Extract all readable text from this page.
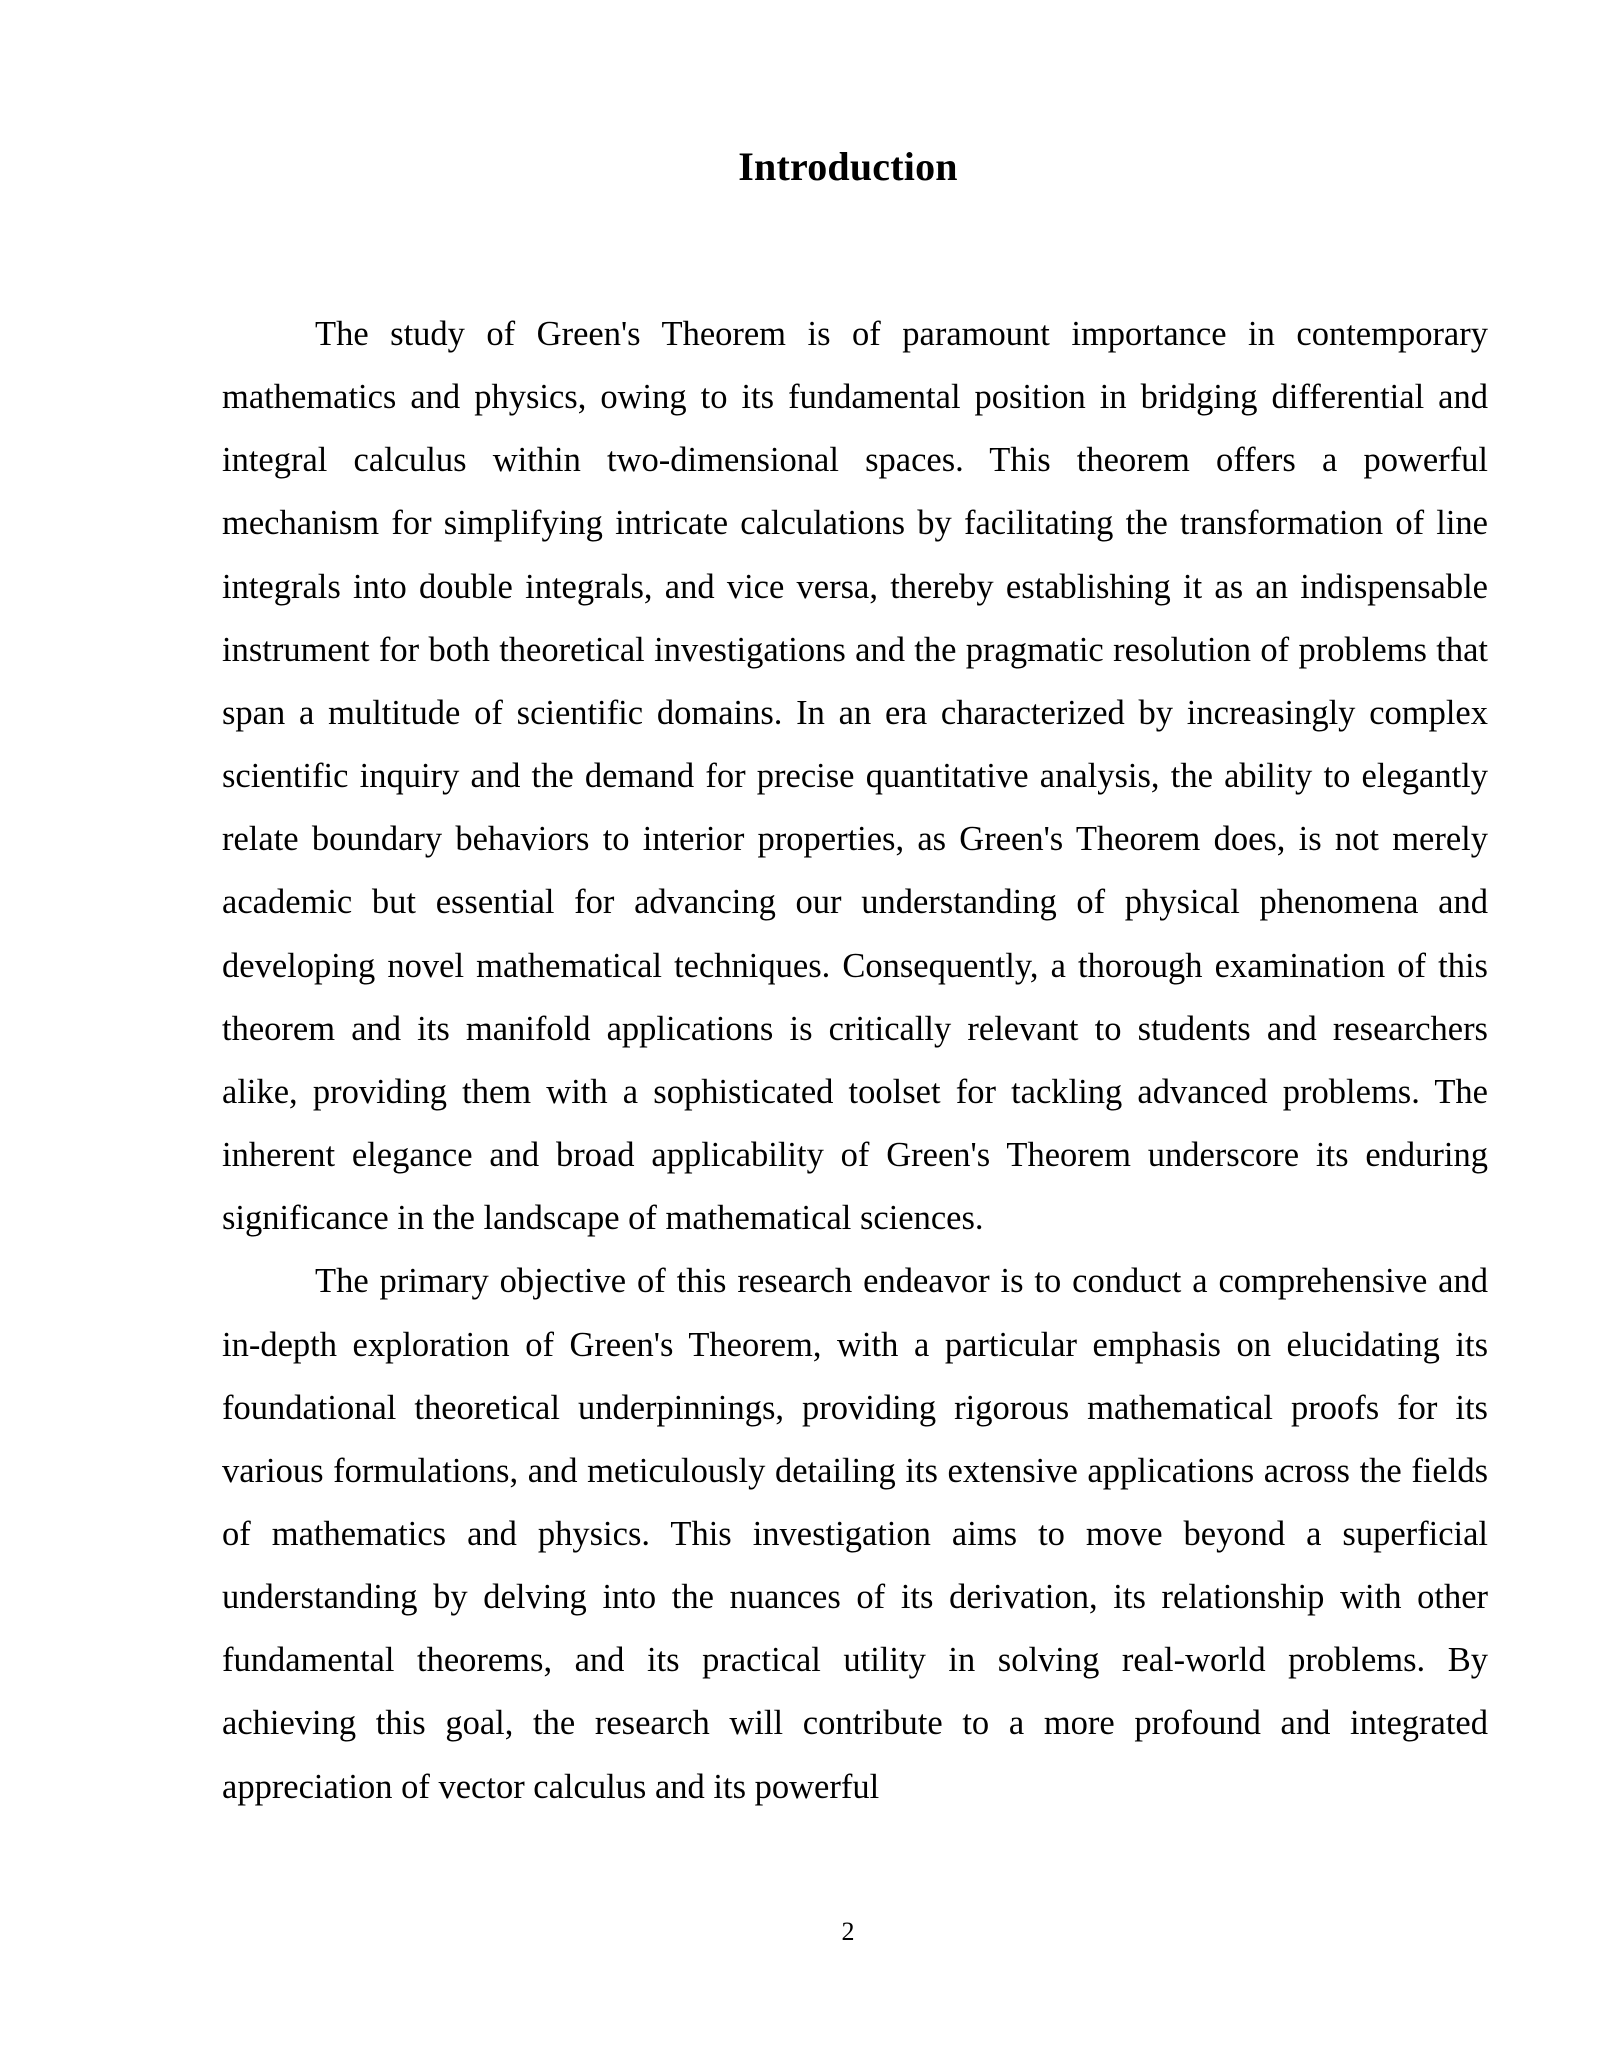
Introduction

The study of Green's Theorem is of paramount importance in contemporary mathematics and physics, owing to its fundamental position in bridging differential and integral calculus within two-dimensional spaces. This theorem offers a powerful mechanism for simplifying intricate calculations by facilitating the transformation of line integrals into double integrals, and vice versa, thereby establishing it as an indispensable instrument for both theoretical investigations and the pragmatic resolution of problems that span a multitude of scientific domains. In an era characterized by increasingly complex scientific inquiry and the demand for precise quantitative analysis, the ability to elegantly relate boundary behaviors to interior properties, as Green's Theorem does, is not merely academic but essential for advancing our understanding of physical phenomena and developing novel mathematical techniques. Consequently, a thorough examination of this theorem and its manifold applications is critically relevant to students and researchers alike, providing them with a sophisticated toolset for tackling advanced problems. The inherent elegance and broad applicability of Green's Theorem underscore its enduring significance in the landscape of mathematical sciences.

The primary objective of this research endeavor is to conduct a comprehensive and in-depth exploration of Green's Theorem, with a particular emphasis on elucidating its foundational theoretical underpinnings, providing rigorous mathematical proofs for its various formulations, and meticulously detailing its extensive applications across the fields of mathematics and physics. This investigation aims to move beyond a superficial understanding by delving into the nuances of its derivation, its relationship with other fundamental theorems, and its practical utility in solving real-world problems. By achieving this goal, the research will contribute to a more profound and integrated appreciation of vector calculus and its powerful

2
